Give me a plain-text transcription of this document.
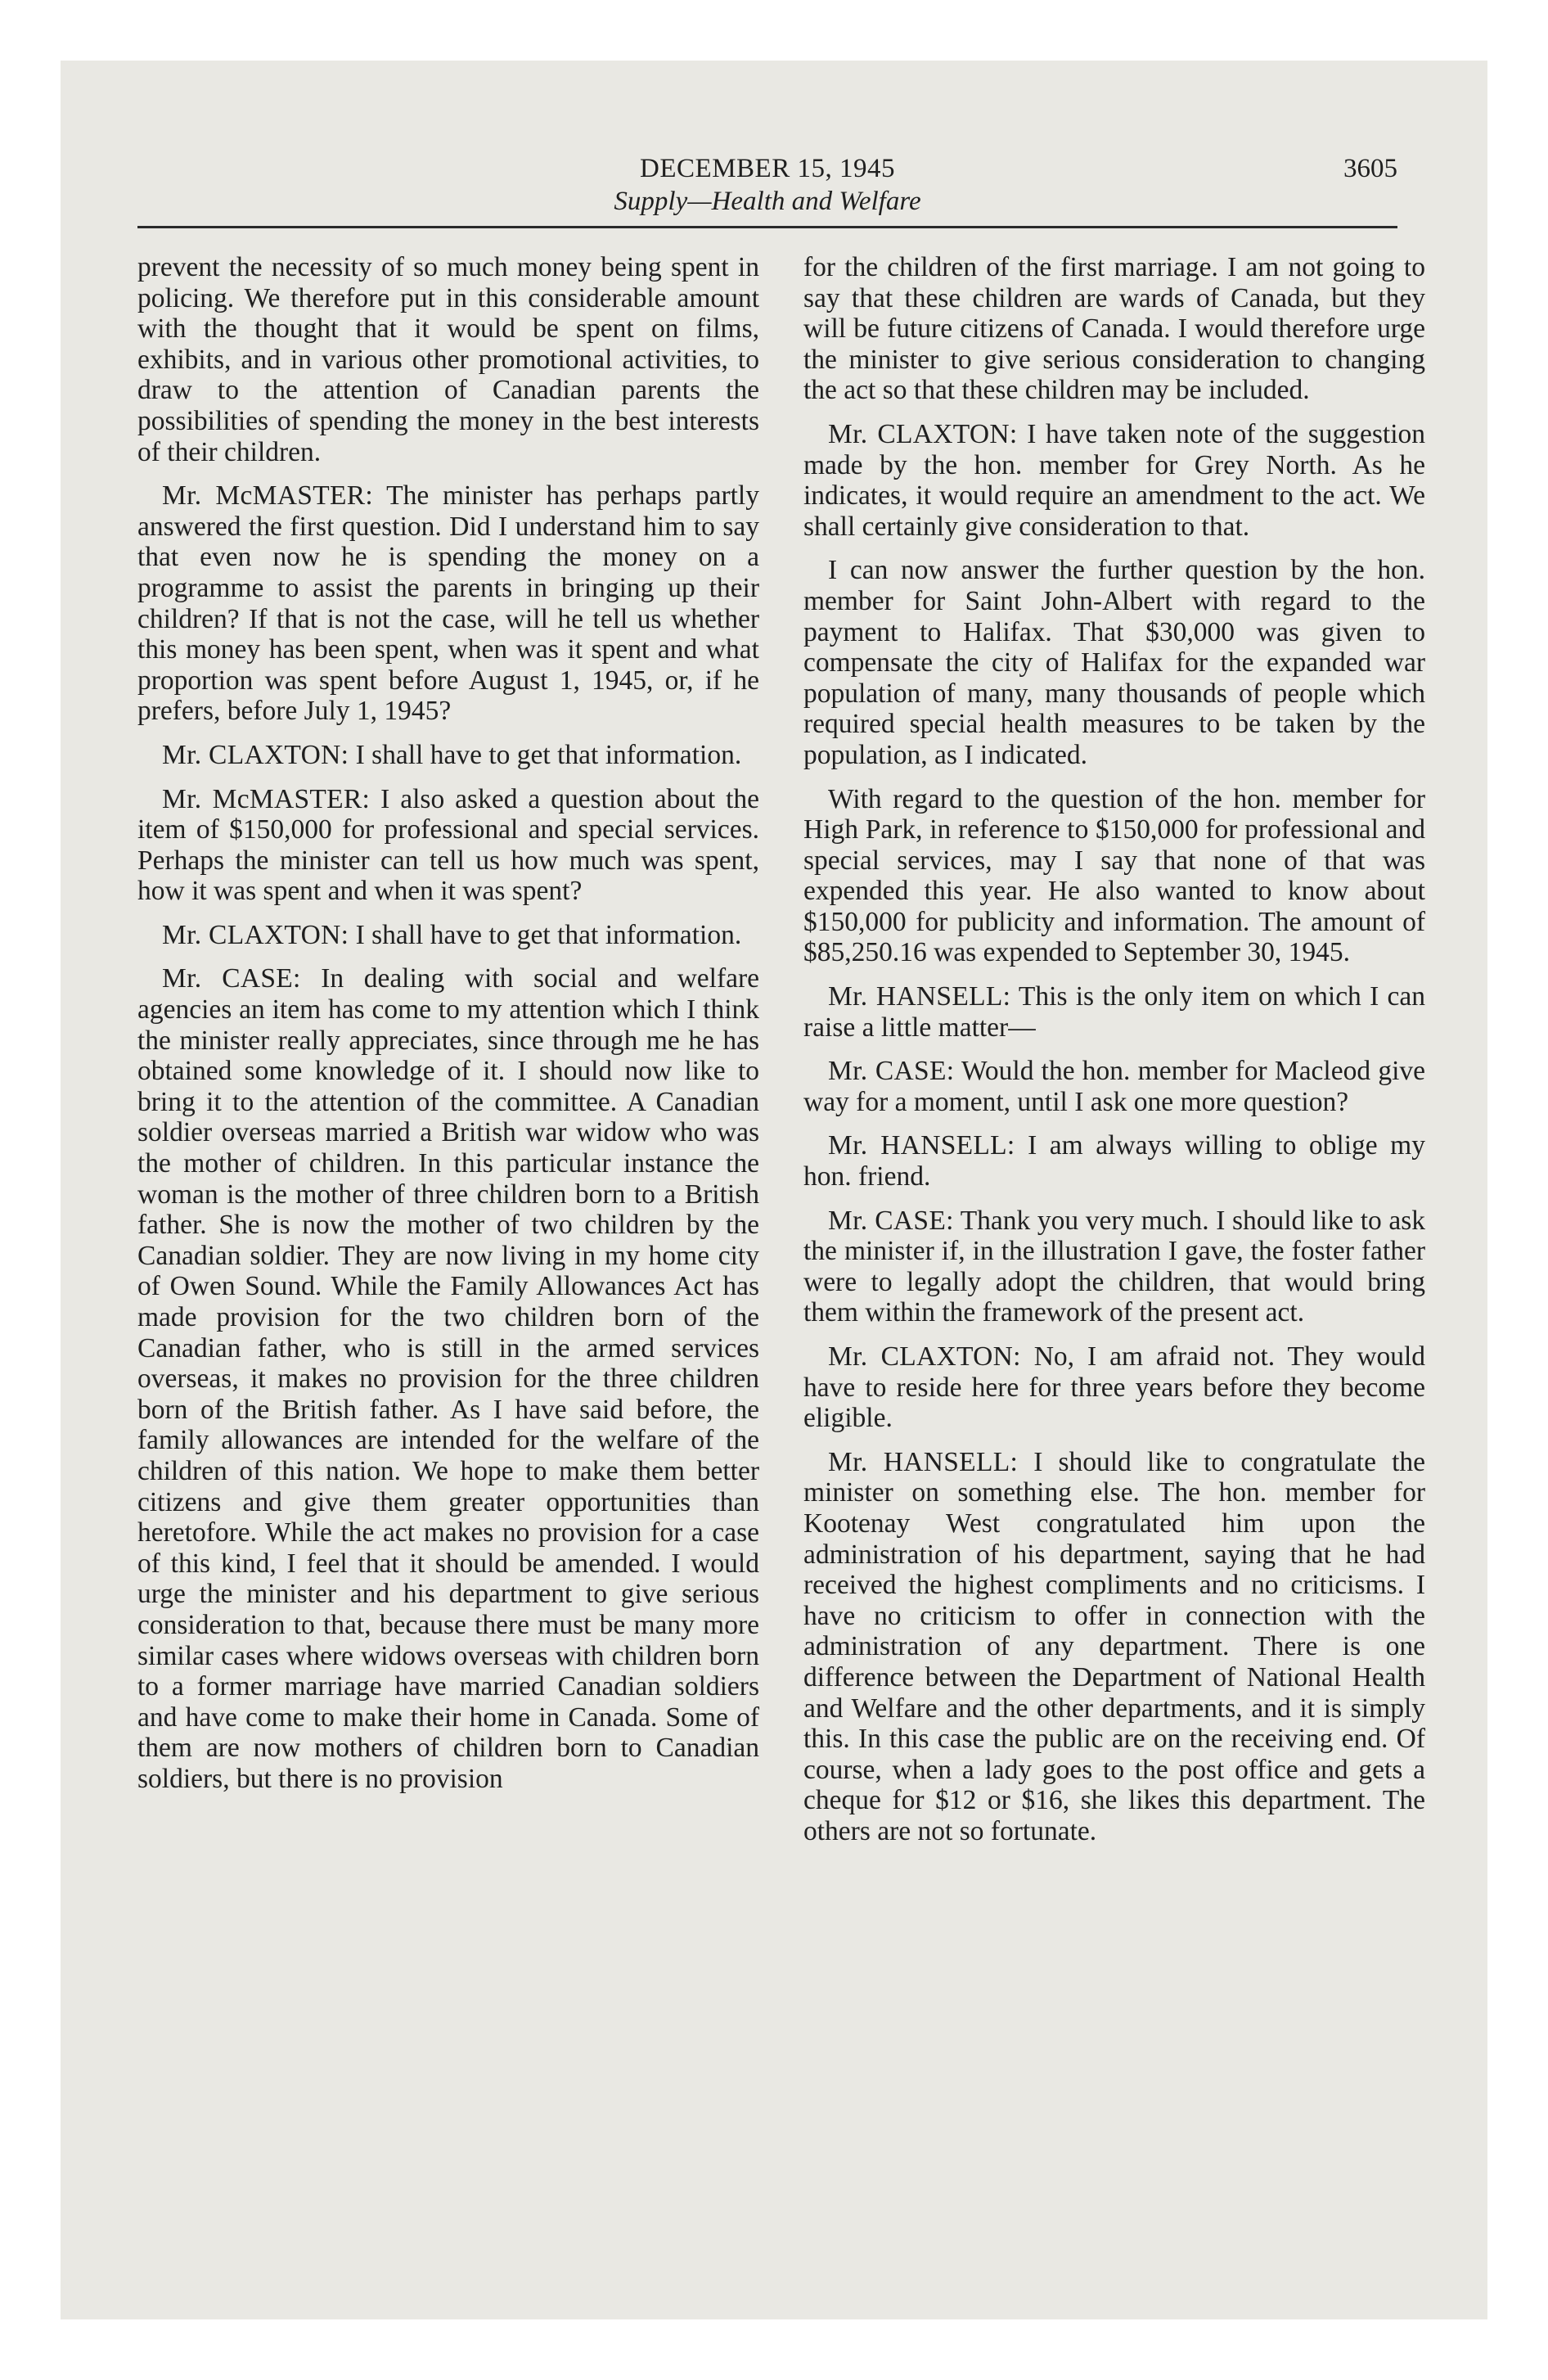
DECEMBER 15, 1945	3605
Supply—Health and Welfare

prevent the necessity of so much money being spent in policing. We therefore put in this considerable amount with the thought that it would be spent on films, exhibits, and in various other promotional activities, to draw to the attention of Canadian parents the possibilities of spending the money in the best interests of their children.

Mr. McMASTER: The minister has perhaps partly answered the first question. Did I understand him to say that even now he is spending the money on a programme to assist the parents in bringing up their children? If that is not the case, will he tell us whether this money has been spent, when was it spent and what proportion was spent before August 1, 1945, or, if he prefers, before July 1, 1945?

Mr. CLAXTON: I shall have to get that information.

Mr. McMASTER: I also asked a question about the item of $150,000 for professional and special services. Perhaps the minister can tell us how much was spent, how it was spent and when it was spent?

Mr. CLAXTON: I shall have to get that information.

Mr. CASE: In dealing with social and welfare agencies an item has come to my attention which I think the minister really appreciates, since through me he has obtained some knowledge of it. I should now like to bring it to the attention of the committee. A Canadian soldier overseas married a British war widow who was the mother of children. In this particular instance the woman is the mother of three children born to a British father. She is now the mother of two children by the Canadian soldier. They are now living in my home city of Owen Sound. While the Family Allowances Act has made provision for the two children born of the Canadian father, who is still in the armed services overseas, it makes no provision for the three children born of the British father. As I have said before, the family allowances are intended for the welfare of the children of this nation. We hope to make them better citizens and give them greater opportunities than heretofore. While the act makes no provision for a case of this kind, I feel that it should be amended. I would urge the minister and his department to give serious consideration to that, because there must be many more similar cases where widows overseas with children born to a former marriage have married Canadian soldiers and have come to make their home in Canada. Some of them are now mothers of children born to Canadian soldiers, but there is no provision

for the children of the first marriage. I am not going to say that these children are wards of Canada, but they will be future citizens of Canada. I would therefore urge the minister to give serious consideration to changing the act so that these children may be included.

Mr. CLAXTON: I have taken note of the suggestion made by the hon. member for Grey North. As he indicates, it would require an amendment to the act. We shall certainly give consideration to that.

I can now answer the further question by the hon. member for Saint John-Albert with regard to the payment to Halifax. That $30,000 was given to compensate the city of Halifax for the expanded war population of many, many thousands of people which required special health measures to be taken by the population, as I indicated.

With regard to the question of the hon. member for High Park, in reference to $150,000 for professional and special services, may I say that none of that was expended this year. He also wanted to know about $150,000 for publicity and information. The amount of $85,250.16 was expended to September 30, 1945.

Mr. HANSELL: This is the only item on which I can raise a little matter—

Mr. CASE: Would the hon. member for Macleod give way for a moment, until I ask one more question?

Mr. HANSELL: I am always willing to oblige my hon. friend.

Mr. CASE: Thank you very much. I should like to ask the minister if, in the illustration I gave, the foster father were to legally adopt the children, that would bring them within the framework of the present act.

Mr. CLAXTON: No, I am afraid not. They would have to reside here for three years before they become eligible.

Mr. HANSELL: I should like to congratulate the minister on something else. The hon. member for Kootenay West congratulated him upon the administration of his department, saying that he had received the highest compliments and no criticisms. I have no criticism to offer in connection with the administration of any department. There is one difference between the Department of National Health and Welfare and the other departments, and it is simply this. In this case the public are on the receiving end. Of course, when a lady goes to the post office and gets a cheque for $12 or $16, she likes this department. The others are not so fortunate.
